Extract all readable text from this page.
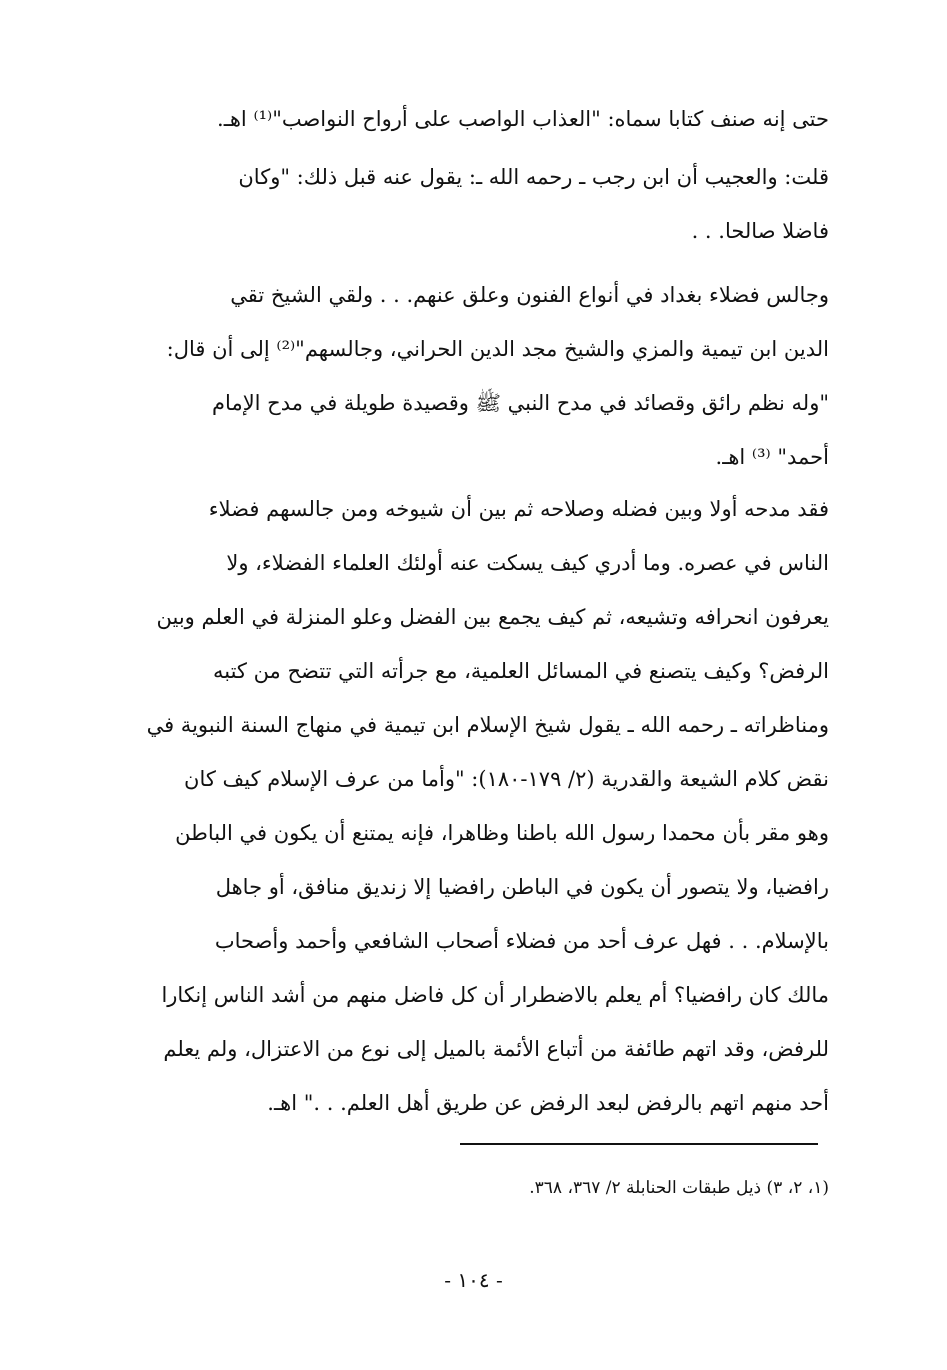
حتى إنه صنف كتابا سماه: "العذاب الواصب على أرواح النواصب"⁽¹⁾ اهـ.
قلت: والعجيب أن ابن رجب ـ رحمه الله ـ: يقول عنه قبل ذلك: "وكان
فاضلا صالحا. . .
وجالس فضلاء بغداد في أنواع الفنون وعلق عنهم. . . ولقي الشيخ تقي
الدين ابن تيمية والمزي والشيخ مجد الدين الحراني، وجالسهم"⁽²⁾ إلى أن قال:
"وله نظم رائق وقصائد في مدح النبي ﷺ وقصيدة طويلة في مدح الإمام
أحمد" ⁽³⁾ اهـ.
فقد مدحه أولا وبين فضله وصلاحه ثم بين أن شيوخه ومن جالسهم فضلاء
الناس في عصره. وما أدري كيف يسكت عنه أولئك العلماء الفضلاء، ولا
يعرفون انحرافه وتشيعه، ثم كيف يجمع بين الفضل وعلو المنزلة في العلم وبين
الرفض؟ وكيف يتصنع في المسائل العلمية، مع جرأته التي تتضح من كتبه
ومناظراته ـ رحمه الله ـ يقول شيخ الإسلام ابن تيمية في منهاج السنة النبوية في
نقض كلام الشيعة والقدرية (٢/ ١٧٩-١٨٠): "وأما من عرف الإسلام كيف كان
وهو مقر بأن محمدا رسول الله باطنا وظاهرا، فإنه يمتنع أن يكون في الباطن
رافضيا، ولا يتصور أن يكون في الباطن رافضيا إلا زنديق منافق، أو جاهل
بالإسلام. . . فهل عرف أحد من فضلاء أصحاب الشافعي وأحمد وأصحاب
مالك كان رافضيا؟ أم يعلم بالاضطرار أن كل فاضل منهم من أشد الناس إنكارا
للرفض، وقد اتهم طائفة من أتباع الأئمة بالميل إلى نوع من الاعتزال، ولم يعلم
أحد منهم اتهم بالرفض لبعد الرفض عن طريق أهل العلم. . ." اهـ.
(١، ٢، ٣) ذيل طبقات الحنابلة ٢/ ٣٦٧، ٣٦٨.
- ١٠٤ -
